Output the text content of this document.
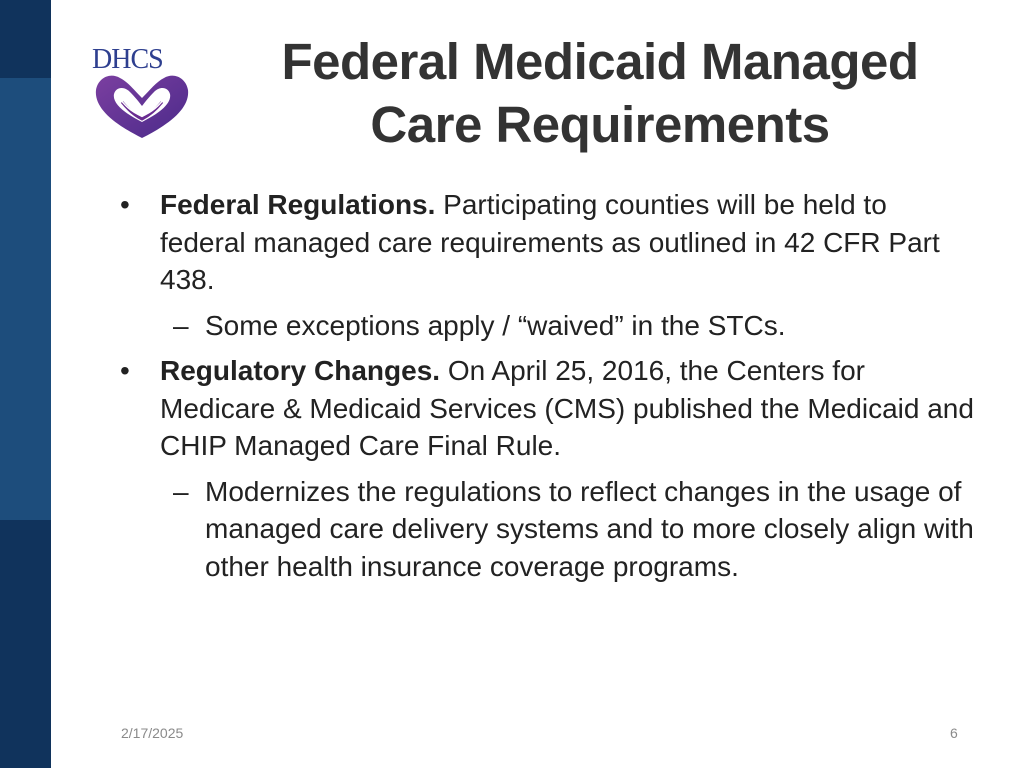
DHCS	Federal Medicaid Managed
Care Requirements
• Federal Regulations. Participating counties will be held to federal managed care requirements as outlined in 42 CFR Part 438.
– Some exceptions apply / “waived” in the STCs.
• Regulatory Changes. On April 25, 2016, the Centers for Medicare & Medicaid Services (CMS) published the Medicaid and CHIP Managed Care Final Rule.
– Modernizes the regulations to reflect changes in the usage of managed care delivery systems and to more closely align with other health insurance coverage programs.
2/17/2025	6
